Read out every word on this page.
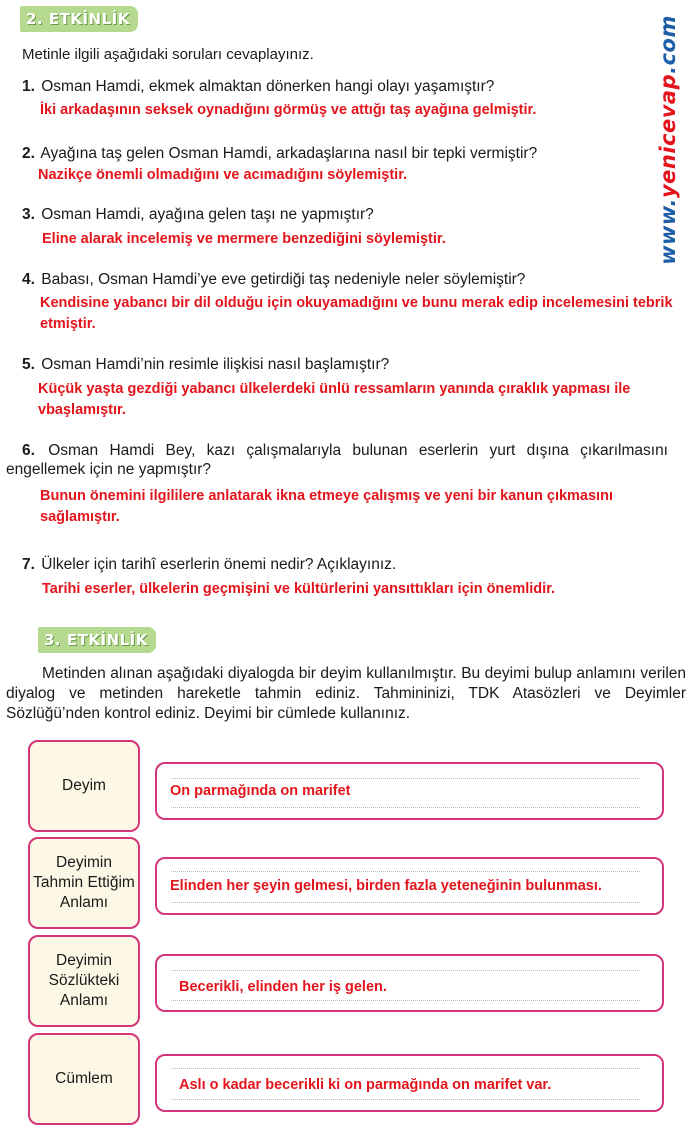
www.yenicevap.com
2. ETKİNLİK
Metinle ilgili aşağıdaki soruları cevaplayınız.
1. Osman Hamdi, ekmek almaktan dönerken hangi olayı yaşamıştır?
İki arkadaşının seksek oynadığını görmüş ve attığı taş ayağına gelmiştir.
2. Ayağına taş gelen Osman Hamdi, arkadaşlarına nasıl bir tepki vermiştir?
Nazikçe önemli olmadığını ve acımadığını söylemiştir.
3. Osman Hamdi, ayağına gelen taşı ne yapmıştır?
Eline alarak incelemiş ve mermere benzediğini söylemiştir.
4. Babası, Osman Hamdi’ye eve getirdiği taş nedeniyle neler söylemiştir?
Kendisine yabancı bir dil olduğu için okuyamadığını ve bunu merak edip incelemesini tebrik etmiştir.
5. Osman Hamdi’nin resimle ilişkisi nasıl başlamıştır?
Küçük yaşta gezdiği yabancı ülkelerdeki ünlü ressamların yanında çıraklık yapması ile vbaşlamıştır.
6. Osman Hamdi Bey, kazı çalışmalarıyla bulunan eserlerin yurt dışına çıkarılmasını engellemek için ne yapmıştır?
Bunun önemini ilgililere anlatarak ikna etmeye çalışmış ve yeni bir kanun çıkmasını sağlamıştır.
7. Ülkeler için tarihî eserlerin önemi nedir? Açıklayınız.
Tarihi eserler, ülkelerin geçmişini ve kültürlerini yansıttıkları için önemlidir.
3. ETKİNLİK
Metinden alınan aşağıdaki diyalogda bir deyim kullanılmıştır. Bu deyimi bulup anlamını verilen diyalog ve metinden hareketle tahmin ediniz. Tahmininizi, TDK Atasözleri ve Deyimler Sözlüğü’nden kontrol ediniz. Deyimi bir cümlede kullanınız.
Deyim	On parmağında on marifet
Deyimin Tahmin Ettiğim Anlamı
Elinden her şeyin gelmesi, birden fazla yeteneğinin bulunması.
Deyimin Sözlükteki Anlamı
Becerikli, elinden her iş gelen.
Cümlem	Aslı o kadar becerikli ki on parmağında on marifet var.
